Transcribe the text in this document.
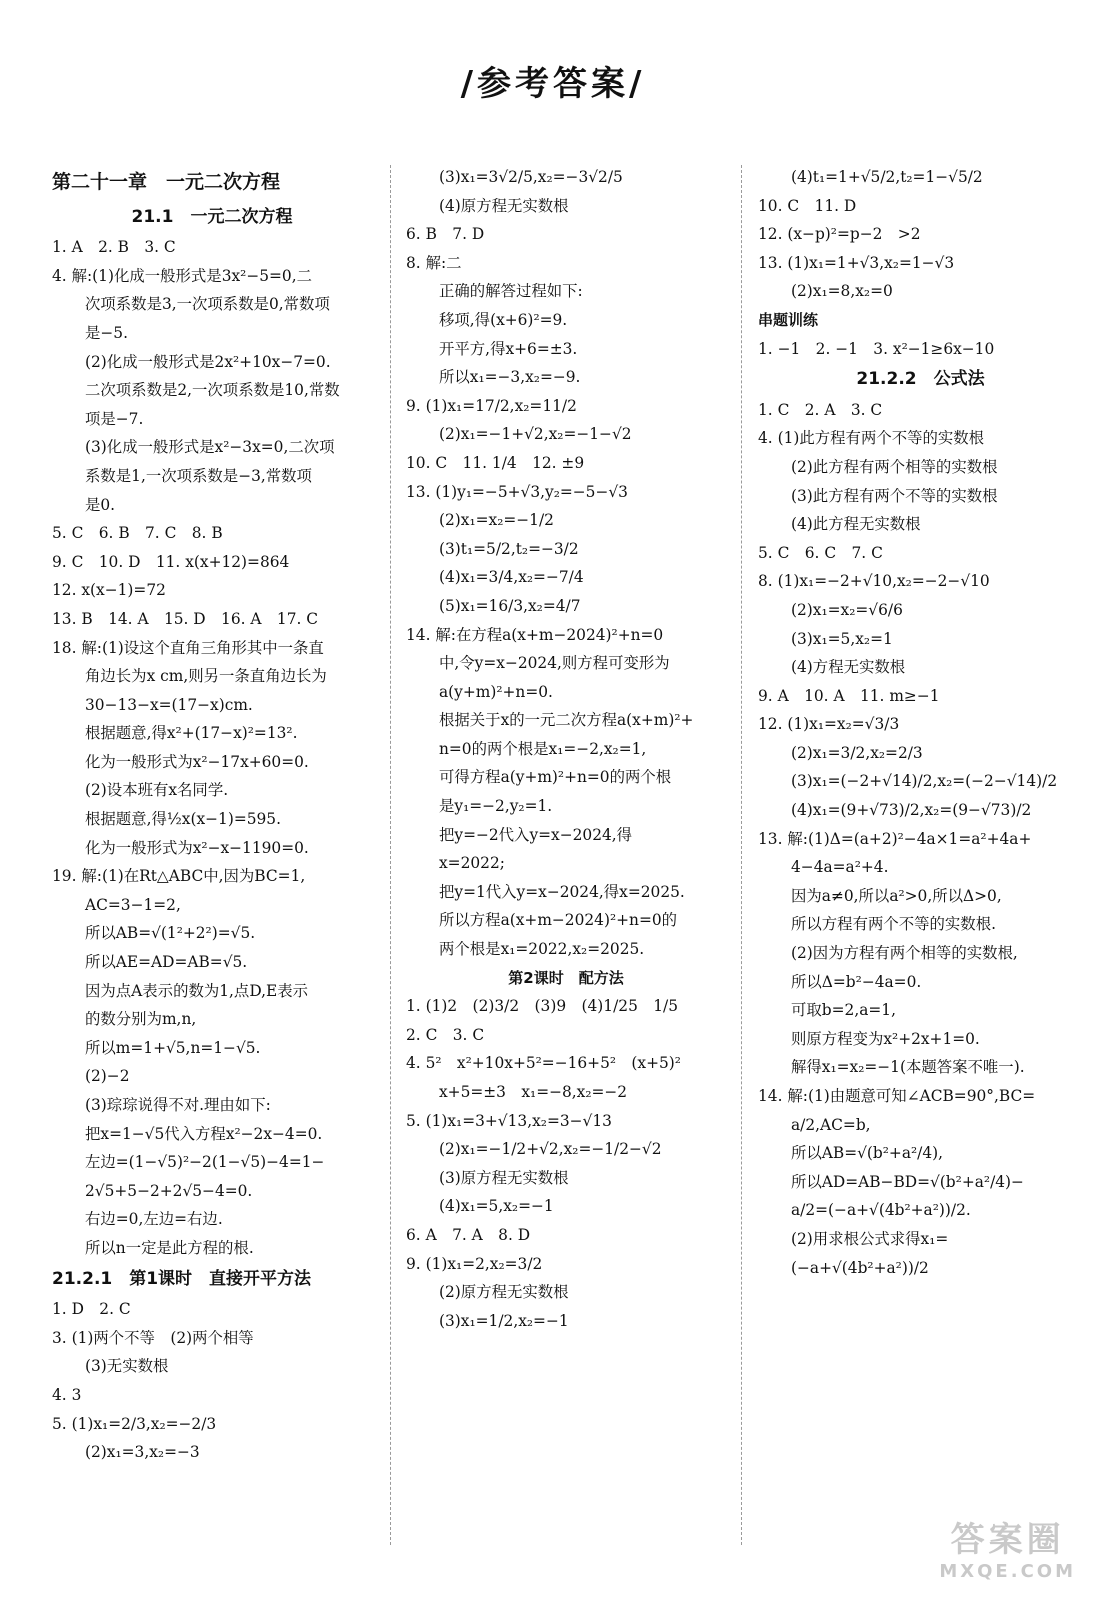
/参考答案/
第二十一章　一元二次方程
21.1　一元二次方程
1. A　2. B　3. C
4. 解:(1)化成一般形式是3x²−5=0,二
次项系数是3,一次项系数是0,常数项
是−5.
(2)化成一般形式是2x²+10x−7=0.
二次项系数是2,一次项系数是10,常数
项是−7.
(3)化成一般形式是x²−3x=0,二次项
系数是1,一次项系数是−3,常数项
是0.
5. C　6. B　7. C　8. B
9. C　10. D　11. x(x+12)=864
12. x(x−1)=72
13. B　14. A　15. D　16. A　17. C
18. 解:(1)设这个直角三角形其中一条直
角边长为x cm,则另一条直角边长为
30−13−x=(17−x)cm.
根据题意,得x²+(17−x)²=13².
化为一般形式为x²−17x+60=0.
(2)设本班有x名同学.
根据题意,得½x(x−1)=595.
化为一般形式为x²−x−1190=0.
19. 解:(1)在Rt△ABC中,因为BC=1,
AC=3−1=2,
所以AB=√(1²+2²)=√5.
所以AE=AD=AB=√5.
因为点A表示的数为1,点D,E表示
的数分别为m,n,
所以m=1+√5,n=1−√5.
(2)−2
(3)琮琮说得不对.理由如下:
把x=1−√5代入方程x²−2x−4=0.
左边=(1−√5)²−2(1−√5)−4=1−
2√5+5−2+2√5−4=0.
右边=0,左边=右边.
所以n一定是此方程的根.
21.2.1　第1课时　直接开平方法
1. D　2. C
3. (1)两个不等　(2)两个相等
(3)无实数根
4. 3
5. (1)x₁=2/3,x₂=−2/3
(2)x₁=3,x₂=−3
(3)x₁=3√2/5,x₂=−3√2/5
(4)原方程无实数根
6. B　7. D
8. 解:二
正确的解答过程如下:
移项,得(x+6)²=9.
开平方,得x+6=±3.
所以x₁=−3,x₂=−9.
9. (1)x₁=17/2,x₂=11/2
(2)x₁=−1+√2,x₂=−1−√2
10. C　11. 1/4　12. ±9
13. (1)y₁=−5+√3,y₂=−5−√3
(2)x₁=x₂=−1/2
(3)t₁=5/2,t₂=−3/2
(4)x₁=3/4,x₂=−7/4
(5)x₁=16/3,x₂=4/7
14. 解:在方程a(x+m−2024)²+n=0
中,令y=x−2024,则方程可变形为
a(y+m)²+n=0.
根据关于x的一元二次方程a(x+m)²+
n=0的两个根是x₁=−2,x₂=1,
可得方程a(y+m)²+n=0的两个根
是y₁=−2,y₂=1.
把y=−2代入y=x−2024,得
x=2022;
把y=1代入y=x−2024,得x=2025.
所以方程a(x+m−2024)²+n=0的
两个根是x₁=2022,x₂=2025.
第2课时　配方法
1. (1)2　(2)3/2　(3)9　(4)1/25　1/5
2. C　3. C
4. 5²　x²+10x+5²=−16+5²　(x+5)²
x+5=±3　x₁=−8,x₂=−2
5. (1)x₁=3+√13,x₂=3−√13
(2)x₁=−1/2+√2,x₂=−1/2−√2
(3)原方程无实数根
(4)x₁=5,x₂=−1
6. A　7. A　8. D
9. (1)x₁=2,x₂=3/2
(2)原方程无实数根
(3)x₁=1/2,x₂=−1
(4)t₁=1+√5/2,t₂=1−√5/2
10. C　11. D
12. (x−p)²=p−2　>2
13. (1)x₁=1+√3,x₂=1−√3
(2)x₁=8,x₂=0
串题训练
1. −1　2. −1　3. x²−1≥6x−10
21.2.2　公式法
1. C　2. A　3. C
4. (1)此方程有两个不等的实数根
(2)此方程有两个相等的实数根
(3)此方程有两个不等的实数根
(4)此方程无实数根
5. C　6. C　7. C
8. (1)x₁=−2+√10,x₂=−2−√10
(2)x₁=x₂=√6/6
(3)x₁=5,x₂=1
(4)方程无实数根
9. A　10. A　11. m≥−1
12. (1)x₁=x₂=√3/3
(2)x₁=3/2,x₂=2/3
(3)x₁=(−2+√14)/2,x₂=(−2−√14)/2
(4)x₁=(9+√73)/2,x₂=(9−√73)/2
13. 解:(1)Δ=(a+2)²−4a×1=a²+4a+
4−4a=a²+4.
因为a≠0,所以a²>0,所以Δ>0,
所以方程有两个不等的实数根.
(2)因为方程有两个相等的实数根,
所以Δ=b²−4a=0.
可取b=2,a=1,
则原方程变为x²+2x+1=0.
解得x₁=x₂=−1(本题答案不唯一).
14. 解:(1)由题意可知∠ACB=90°,BC=
a/2,AC=b,
所以AB=√(b²+a²/4),
所以AD=AB−BD=√(b²+a²/4)−
a/2=(−a+√(4b²+a²))/2.
(2)用求根公式求得x₁=
(−a+√(4b²+a²))/2
答案圈
MXQE.COM
